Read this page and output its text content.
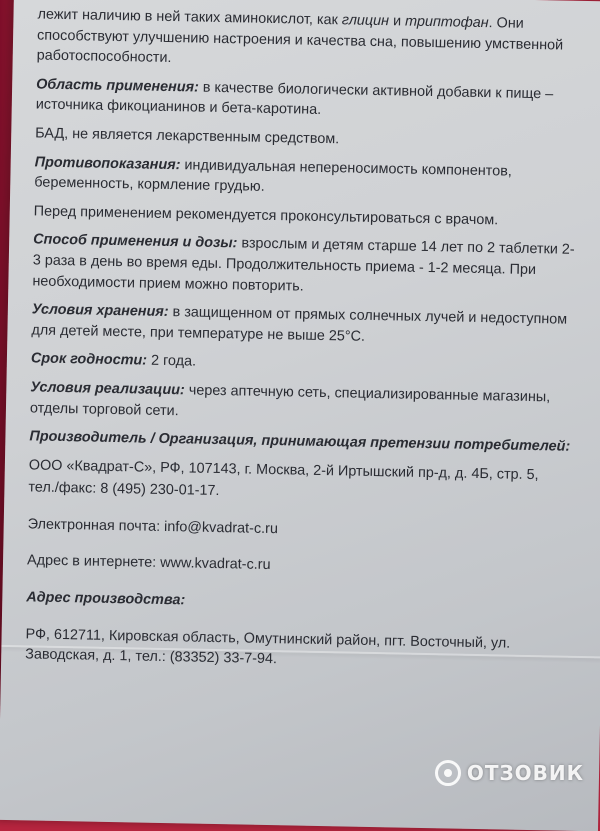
лежит наличию в ней таких аминокислот, как глицин и триптофан. Они способствуют улучшению настроения и качества сна, повышению умственной работоспособности.

Область применения: в качестве биологически активной добавки к пище – источника фикоцианинов и бета-каротина.

БАД, не является лекарственным средством.

Противопоказания: индивидуальная непереносимость компонентов, беременность, кормление грудью.

Перед применением рекомендуется проконсультироваться с врачом.

Способ применения и дозы: взрослым и детям старше 14 лет по 2 таблетки 2-3 раза в день во время еды. Продолжительность приема - 1-2 месяца. При необходимости прием можно повторить.

Условия хранения: в защищенном от прямых солнечных лучей и недоступном для детей месте, при температуре не выше 25°С.

Срок годности: 2 года.

Условия реализации: через аптечную сеть, специализированные магазины, отделы торговой сети.

Производитель / Организация, принимающая претензии потребителей:

ООО «Квадрат-С», РФ, 107143, г. Москва, 2-й Иртышский пр-д, д. 4Б, стр. 5,

тел./факс: 8 (495) 230-01-17.

Электронная почта: info@kvadrat-c.ru

Адрес в интернете: www.kvadrat-c.ru

Адрес производства:

РФ, 612711, Кировская область, Омутнинский район, пгт. Восточный, ул. Заводская, д. 1, тел.: (83352) 33-7-94.

ОТЗОВИК
